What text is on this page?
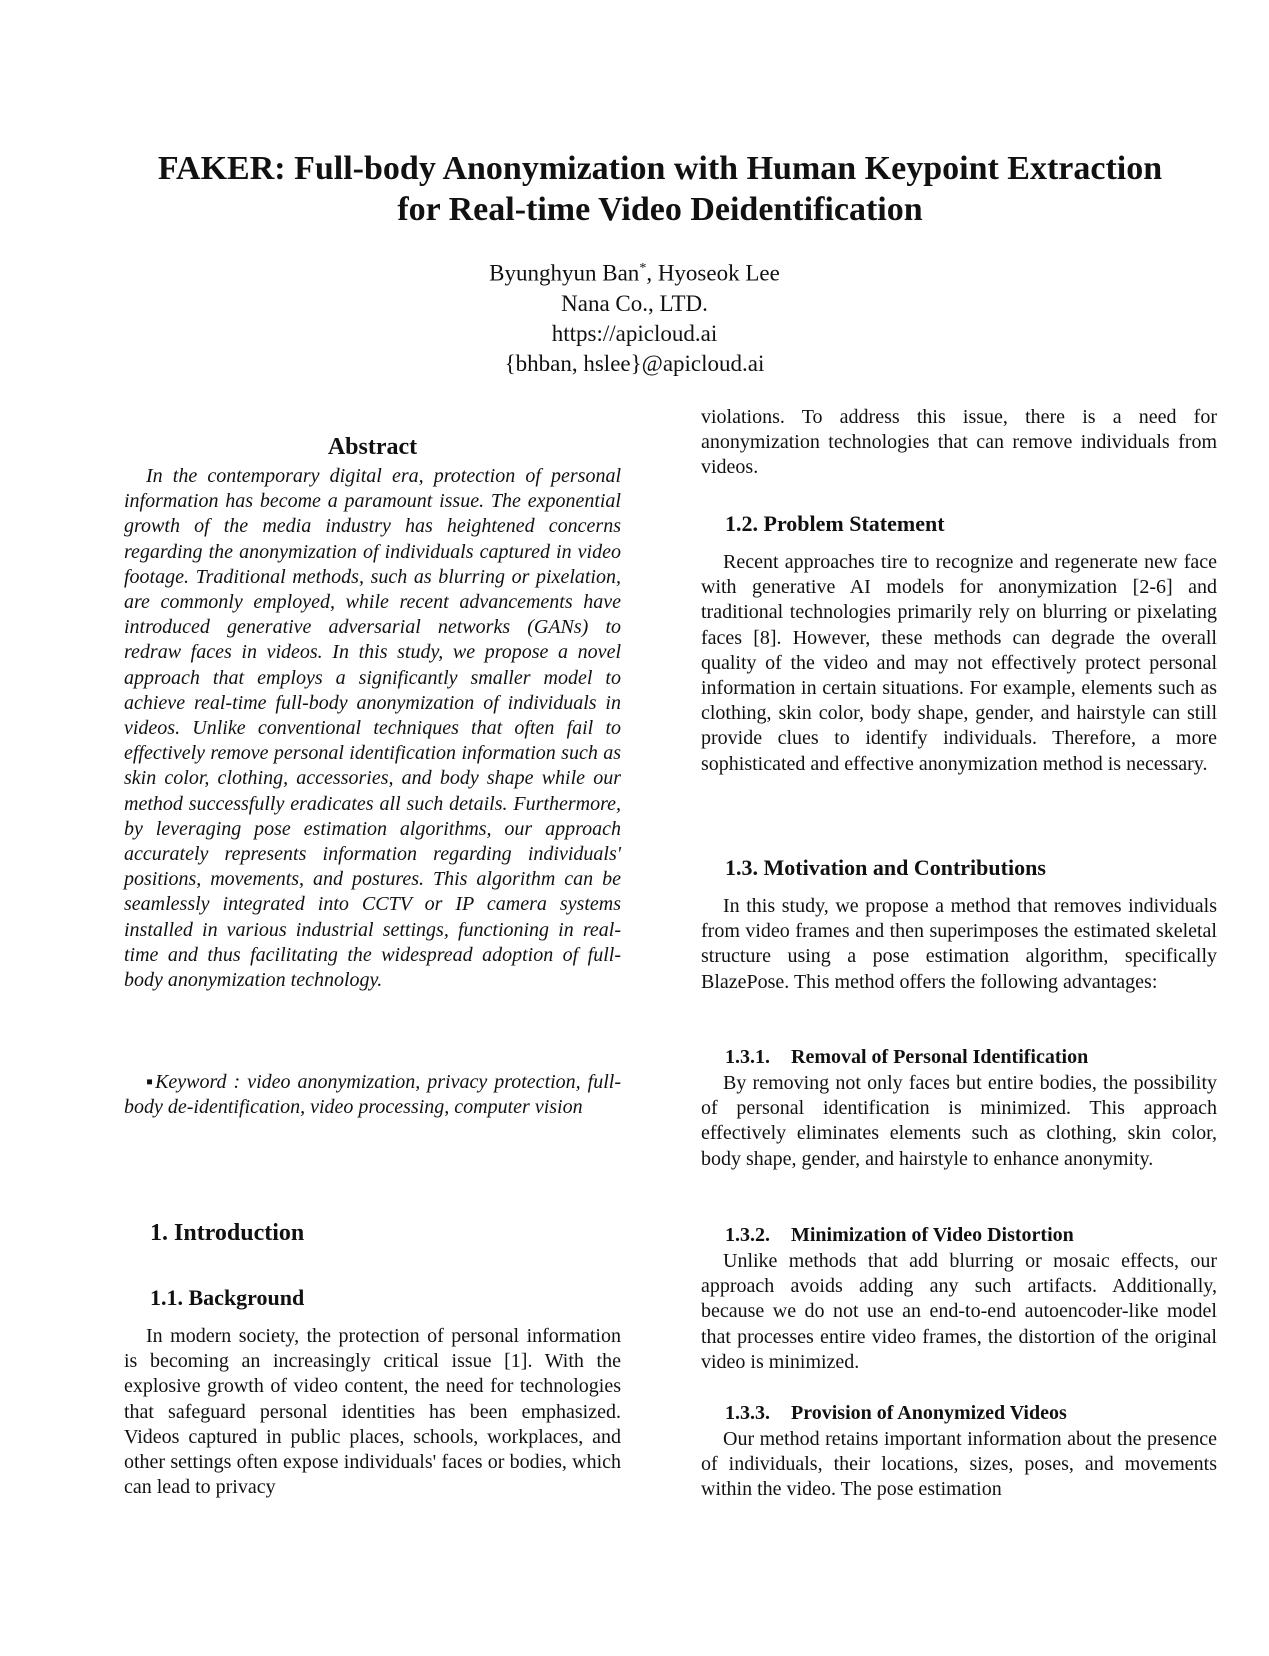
FAKER: Full-body Anonymization with Human Keypoint Extraction
for Real-time Video Deidentification
Byunghyun Ban*, Hyoseok Lee
Nana Co., LTD.
https://apicloud.ai
{bhban, hslee}@apicloud.ai
Abstract
In the contemporary digital era, protection of personal information has become a paramount issue. The exponential growth of the media industry has heightened concerns regarding the anonymization of individuals captured in video footage. Traditional methods, such as blurring or pixelation, are commonly employed, while recent advancements have introduced generative adversarial networks (GANs) to redraw faces in videos. In this study, we propose a novel approach that employs a significantly smaller model to achieve real-time full-body anonymization of individuals in videos. Unlike conventional techniques that often fail to effectively remove personal identification information such as skin color, clothing, accessories, and body shape while our method successfully eradicates all such details. Furthermore, by leveraging pose estimation algorithms, our approach accurately represents information regarding individuals' positions, movements, and postures. This algorithm can be seamlessly integrated into CCTV or IP camera systems installed in various industrial settings, functioning in real-time and thus facilitating the widespread adoption of full-body anonymization technology.
▪Keyword : video anonymization, privacy protection, full-body de-identification, video processing, computer vision
1. Introduction
1.1. Background
In modern society, the protection of personal information is becoming an increasingly critical issue [1]. With the explosive growth of video content, the need for technologies that safeguard personal identities has been emphasized. Videos captured in public places, schools, workplaces, and other settings often expose individuals' faces or bodies, which can lead to privacy
violations. To address this issue, there is a need for anonymization technologies that can remove individuals from videos.
1.2. Problem Statement
Recent approaches tire to recognize and regenerate new face with generative AI models for anonymization [2-6] and traditional technologies primarily rely on blurring or pixelating faces [8]. However, these methods can degrade the overall quality of the video and may not effectively protect personal information in certain situations. For example, elements such as clothing, skin color, body shape, gender, and hairstyle can still provide clues to identify individuals. Therefore, a more sophisticated and effective anonymization method is necessary.
1.3. Motivation and Contributions
In this study, we propose a method that removes individuals from video frames and then superimposes the estimated skeletal structure using a pose estimation algorithm, specifically BlazePose. This method offers the following advantages:
1.3.1. Removal of Personal Identification
By removing not only faces but entire bodies, the possibility of personal identification is minimized. This approach effectively eliminates elements such as clothing, skin color, body shape, gender, and hairstyle to enhance anonymity.
1.3.2. Minimization of Video Distortion
Unlike methods that add blurring or mosaic effects, our approach avoids adding any such artifacts. Additionally, because we do not use an end-to-end autoencoder-like model that processes entire video frames, the distortion of the original video is minimized.
1.3.3. Provision of Anonymized Videos
Our method retains important information about the presence of individuals, their locations, sizes, poses, and movements within the video. The pose estimation
